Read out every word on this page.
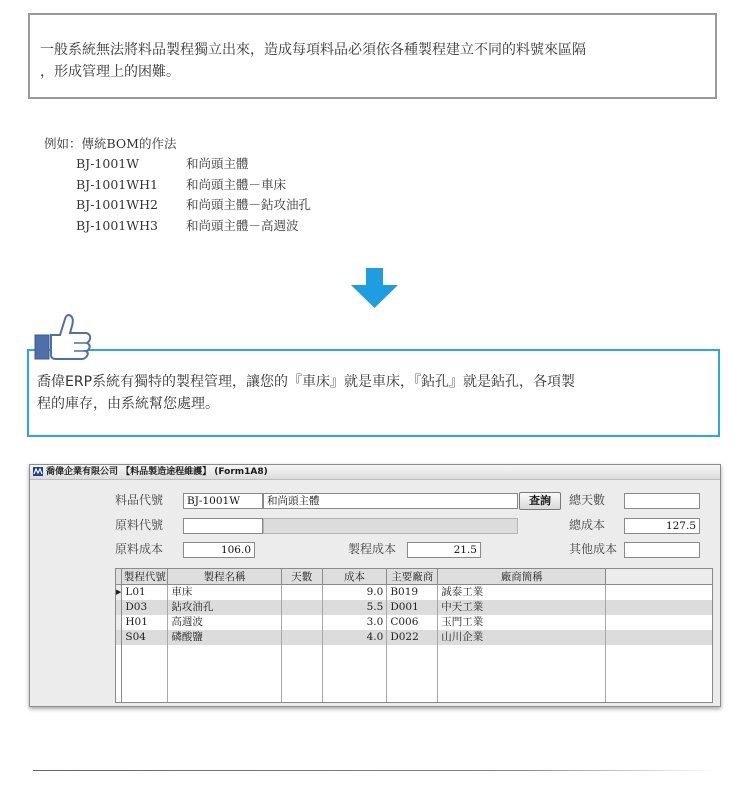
一般系統無法將料品製程獨立出來，造成每項料品必須依各種製程建立不同的料號來區隔
，形成管理上的困難。
例如：傳統BOM的作法
BJ-1001W	和尚頭主體
BJ-1001WH1	和尚頭主體－車床
BJ-1001WH2	和尚頭主體－鉆攻油孔
BJ-1001WH3	和尚頭主體－高週波
喬偉ERP系統有獨特的製程管理，讓您的『車床』就是車床，『鉆孔』就是鉆孔，各項製
程的庫存，由系統幫您處理。
喬偉企業有限公司 【料品製造途程維護】 (Form1A8)
料品代號	BJ-1001W	和尚頭主體	查詢	總天數
原料代號	總成本	127.5
原料成本	106.0	製程成本	21.5	其他成本
	製程代號	製程名稱	天數	成本	主要廠商	廠商簡稱	
▶	L01	車床		9.0	B019	誠泰工業	
	D03	鉆攻油孔		5.5	D001	中天工業	
	H01	高週波		3.0	C006	玉門工業	
	S04	磷酸鹽		4.0	D022	山川企業	
